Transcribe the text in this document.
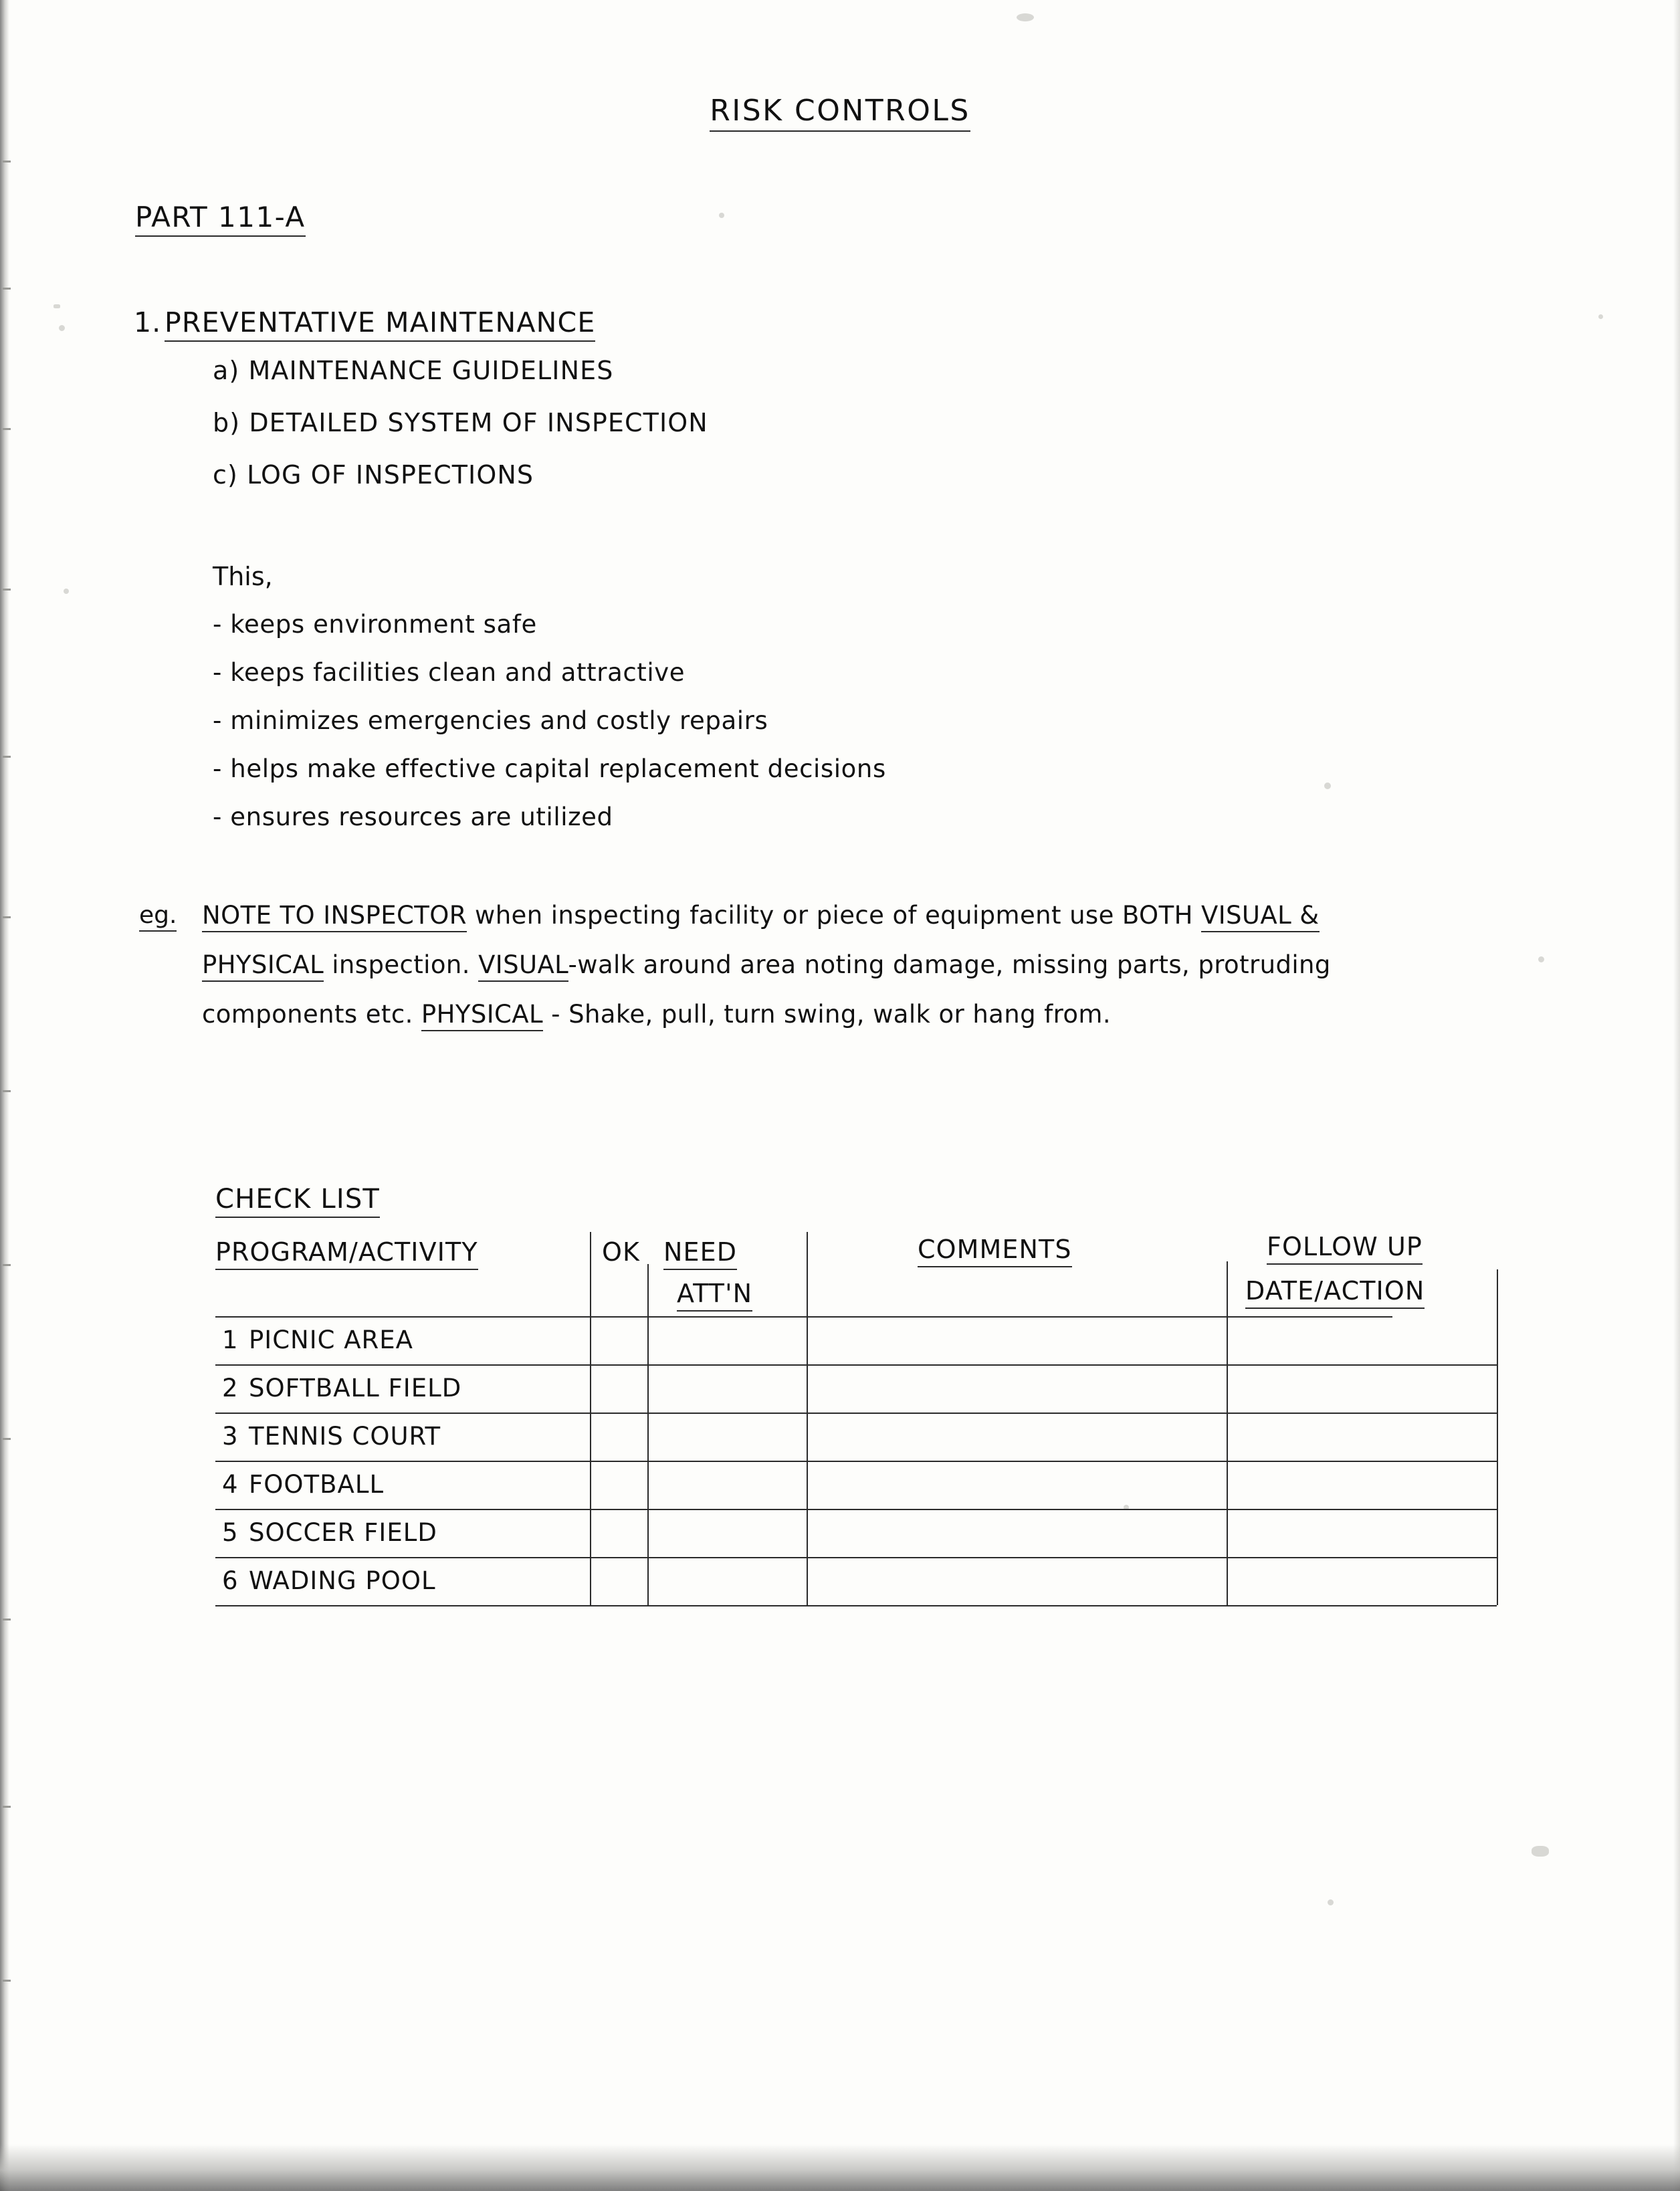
RISK CONTROLS
PART 111-A
1. PREVENTATIVE MAINTENANCE
a) MAINTENANCE GUIDELINES
b) DETAILED SYSTEM OF INSPECTION
c) LOG OF INSPECTIONS
This,
- keeps environment safe
- keeps facilities clean and attractive
- minimizes emergencies and costly repairs
- helps make effective capital replacement decisions
- ensures resources are utilized
eg. NOTE TO INSPECTOR when inspecting facility or piece of equipment use BOTH VISUAL & PHYSICAL inspection. VISUAL-walk around area noting damage, missing parts, protruding components etc. PHYSICAL - Shake, pull, turn swing, walk or hang from.
CHECK LIST
PROGRAM/ACTIVITY	OK NEED
ATT'N
COMMENTS	FOLLOW UP
DATE/ACTION
1 PICNIC AREA
2 SOFTBALL FIELD
3 TENNIS COURT
4 FOOTBALL
5 SOCCER FIELD
6 WADING POOL
